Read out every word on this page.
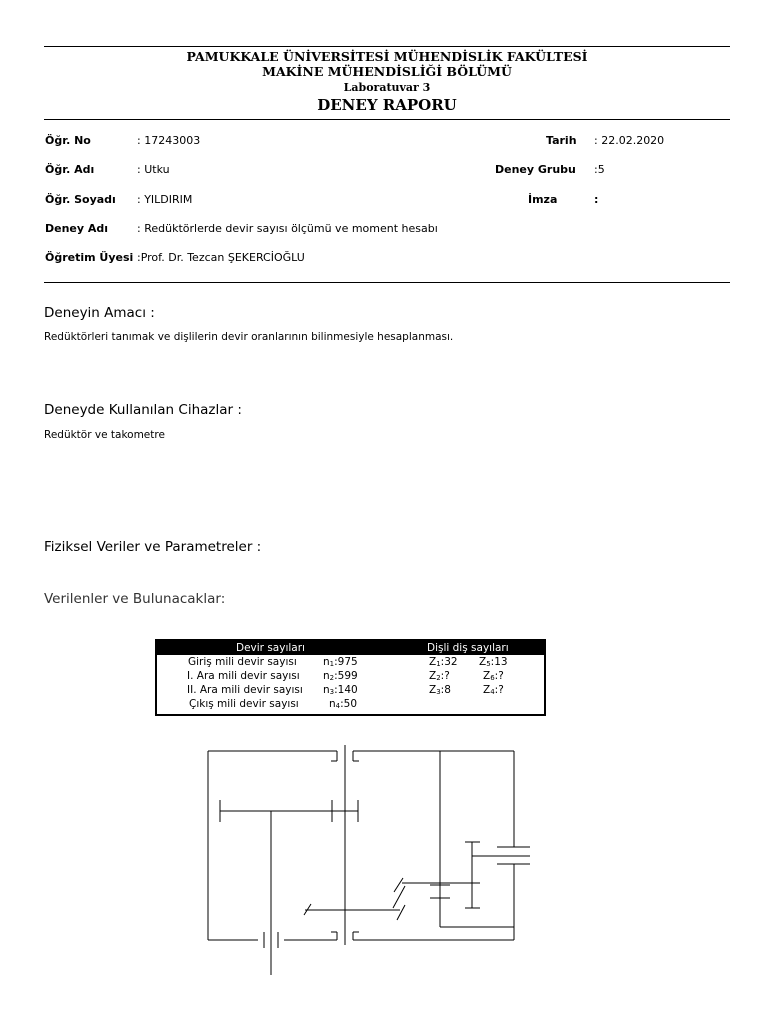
PAMUKKALE ÜNİVERSİTESİ MÜHENDİSLİK FAKÜLTESİ
MAKİNE MÜHENDİSLİĞİ BÖLÜMÜ
Laboratuvar 3
DENEY RAPORU
Öğr. No	: 17243003	Tarih : 22.02.2020
Öğr. Adı	: Utku	Deney Grubu :5
Öğr. Soyadı : YILDIRIM	İmza	:
Deney Adı	: Redüktörlerde devir sayısı ölçümü ve moment hesabı
Öğretim Üyesi :Prof. Dr. Tezcan ŞEKERCİOĞLU
Deneyin Amacı :
Redüktörleri tanımak ve dişlilerin devir oranlarının bilinmesiyle hesaplanması.
Deneyde Kullanılan Cihazlar :
Redüktör ve takometre
Fiziksel Veriler ve Parametreler :
Verilenler ve Bulunacaklar:
Devir sayıları	Dişli diş sayıları
Giriş mili devir sayısı	$n_1:975$	$Z_1:32$ $Z_5:13$
I. Ara mili devir sayısı $n_2:599$	$Z_2$:?	$Z_6$:?
II. Ara mili devir sayısı $n_3:140$	$Z_3:8$	$Z_4$:?
Çıkış mili devir sayısı	$n_4:50$
